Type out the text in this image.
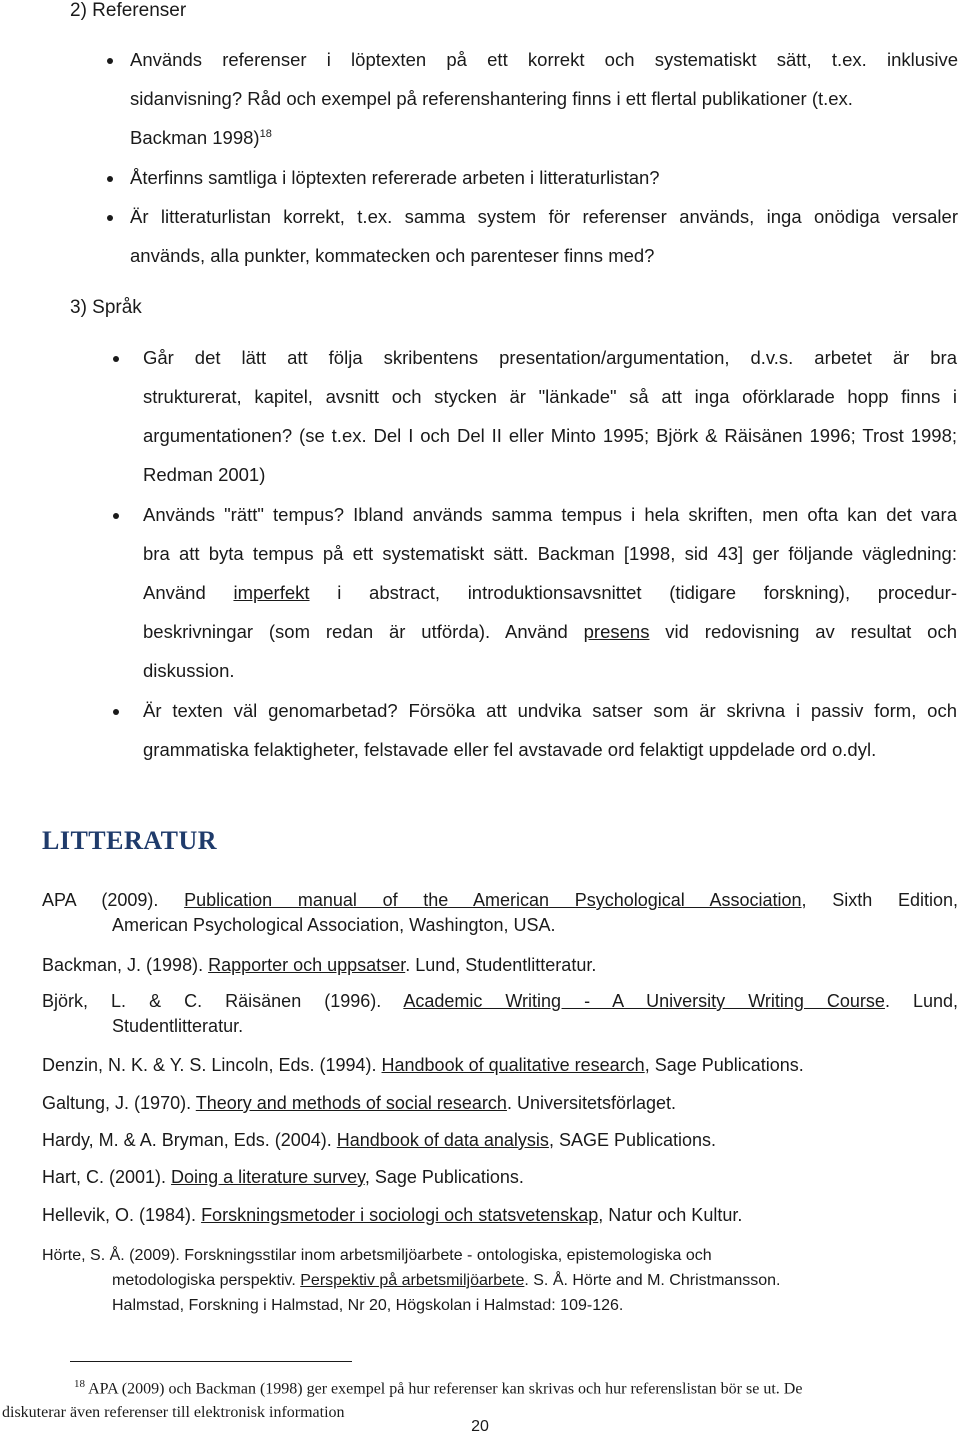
2) Referenser
Används referenser i löptexten på ett korrekt och systematiskt sätt, t.ex. inklusive
sidanvisning? Råd och exempel på referenshantering finns i ett flertal publikationer (t.ex.
Backman 1998)$^{18}$
Återfinns samtliga i löptexten refererade arbeten i litteraturlistan?
Är litteraturlistan korrekt, t.ex. samma system för referenser används, inga onödiga versaler
används, alla punkter, kommatecken och parenteser finns med?
3) Språk
Går det lätt att följa skribentens presentation/argumentation, d.v.s. arbetet är bra
strukturerat, kapitel, avsnitt och stycken är "länkade" så att inga oförklarade hopp finns i
argumentationen? (se t.ex. Del I och Del II eller Minto 1995; Björk & Räisänen 1996; Trost 1998;
Redman 2001)
Används "rätt" tempus? Ibland används samma tempus i hela skriften, men ofta kan det vara
bra att byta tempus på ett systematiskt sätt. Backman [1998, sid 43] ger följande vägledning:
Använd imperfekt i abstract, introduktionsavsnittet (tidigare forskning), procedur-
beskrivningar (som redan är utförda). Använd presens vid redovisning av resultat och
diskussion.
Är texten väl genomarbetad? Försöka att undvika satser som är skrivna i passiv form, och
grammatiska felaktigheter, felstavade eller fel avstavade ord felaktigt uppdelade ord o.dyl.
LITTERATUR
APA (2009). Publication manual of the American Psychological Association, Sixth Edition,
American Psychological Association, Washington, USA.
Backman, J. (1998). Rapporter och uppsatser. Lund, Studentlitteratur.
Björk, L. & C. Räisänen (1996). Academic Writing - A University Writing Course. Lund,
Studentlitteratur.
Denzin, N. K. & Y. S. Lincoln, Eds. (1994). Handbook of qualitative research, Sage Publications.
Galtung, J. (1970). Theory and methods of social research. Universitetsförlaget.
Hardy, M. & A. Bryman, Eds. (2004). Handbook of data analysis, SAGE Publications.
Hart, C. (2001). Doing a literature survey, Sage Publications.
Hellevik, O. (1984). Forskningsmetoder i sociologi och statsvetenskap, Natur och Kultur.
Hörte, S. Å. (2009). Forskningsstilar inom arbetsmiljöarbete - ontologiska, epistemologiska och
metodologiska perspektiv. Perspektiv på arbetsmiljöarbete. S. Å. Hörte and M. Christmansson.
Halmstad, Forskning i Halmstad, Nr 20, Högskolan i Halmstad: 109-126.
$^{18}$ APA (2009) och Backman (1998) ger exempel på hur referenser kan skrivas och hur referenslistan bör se ut. De
diskuterar även referenser till elektronisk information
20
